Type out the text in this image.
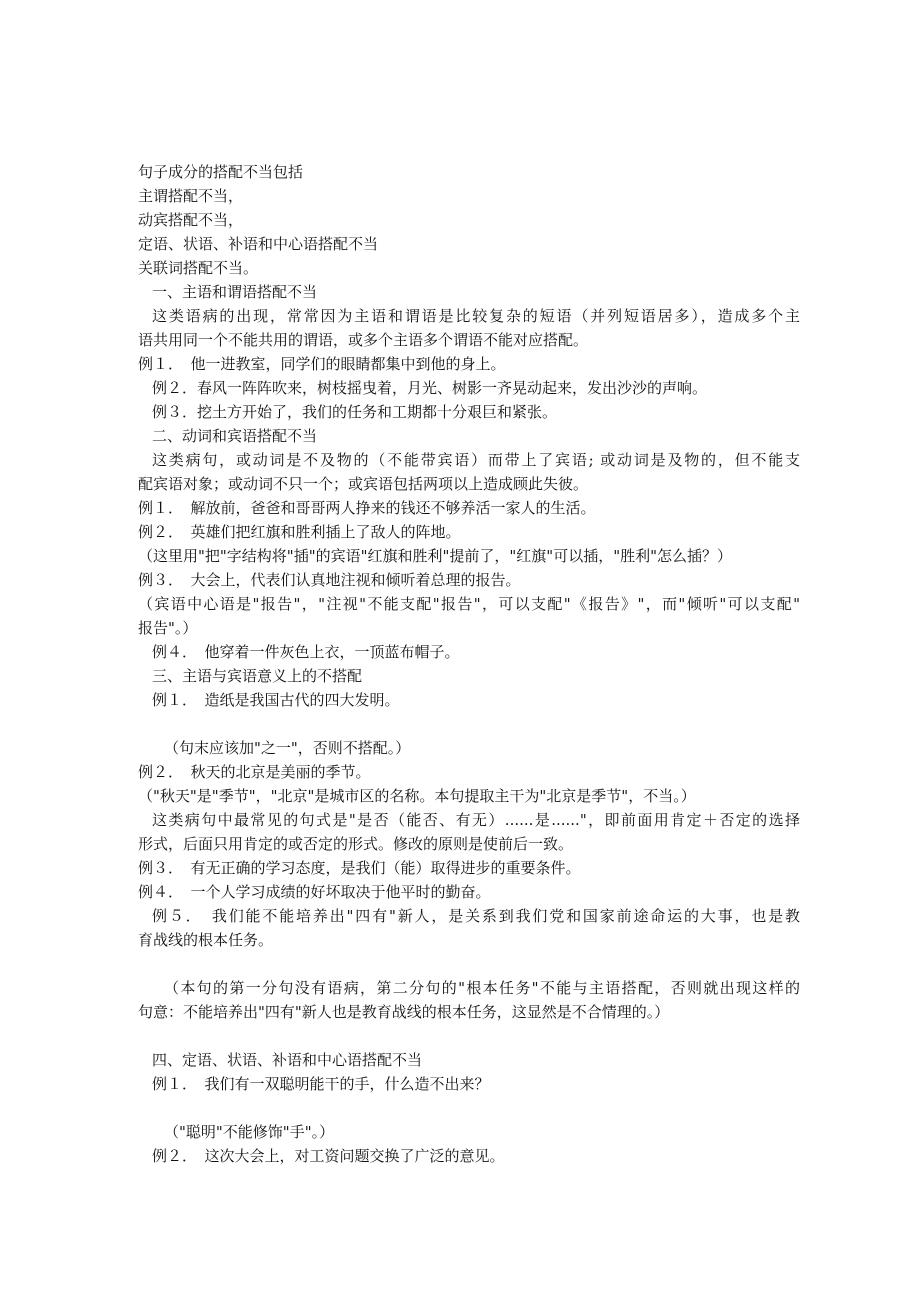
句子成分的搭配不当包括
主谓搭配不当，
动宾搭配不当，
定语、状语、补语和中心语搭配不当
关联词搭配不当。
一、主语和谓语搭配不当
这类语病的出现，常常因为主语和谓语是比较复杂的短语（并列短语居多），造成多个主
语共用同一个不能共用的谓语，或多个主语多个谓语不能对应搭配。
例１．　他一进教室，同学们的眼睛都集中到他的身上。
例２．春风一阵阵吹来，树枝摇曳着，月光、树影一齐晃动起来，发出沙沙的声响。
例３．挖土方开始了，我们的任务和工期都十分艰巨和紧张。
二、动词和宾语搭配不当
这类病句，或动词是不及物的（不能带宾语）而带上了宾语; 或动词是及物的，但不能支
配宾语对象；或动词不只一个；或宾语包括两项以上造成顾此失彼。
例１．　解放前，爸爸和哥哥两人挣来的钱还不够养活一家人的生活。
例２．　英雄们把红旗和胜利插上了敌人的阵地。
（这里用"把"字结构将"插"的宾语"红旗和胜利"提前了，"红旗"可以插，"胜利"怎么插？）
例３．　大会上，代表们认真地注视和倾听着总理的报告。
（宾语中心语是"报告"，"注视"不能支配"报告"，可以支配"《报告》"，而"倾听"可以支配"
报告"。）
例４．　他穿着一件灰色上衣，一顶蓝布帽子。
三、主语与宾语意义上的不搭配
例１．　造纸是我国古代的四大发明。
（句末应该加"之一"，否则不搭配。）
例２．　秋天的北京是美丽的季节。
（"秋天"是"季节"，"北京"是城市区的名称。本句提取主干为"北京是季节"，不当。）
这类病句中最常见的句式是"是否（能否、有无）......是......"，即前面用肯定＋否定的选择
形式，后面只用肯定的或否定的形式。修改的原则是使前后一致。
例３．　有无正确的学习态度，是我们（能）取得进步的重要条件。
例４．　一个人学习成绩的好坏取决于他平时的勤奋。
例５．　我们能不能培养出"四有"新人，是关系到我们党和国家前途命运的大事，也是教
育战线的根本任务。
（本句的第一分句没有语病，第二分句的"根本任务"不能与主语搭配，否则就出现这样的
句意：不能培养出"四有"新人也是教育战线的根本任务，这显然是不合情理的。）
四、定语、状语、补语和中心语搭配不当
例１．　我们有一双聪明能干的手，什么造不出来？
（"聪明"不能修饰"手"。）
例２．　这次大会上，对工资问题交换了广泛的意见。
